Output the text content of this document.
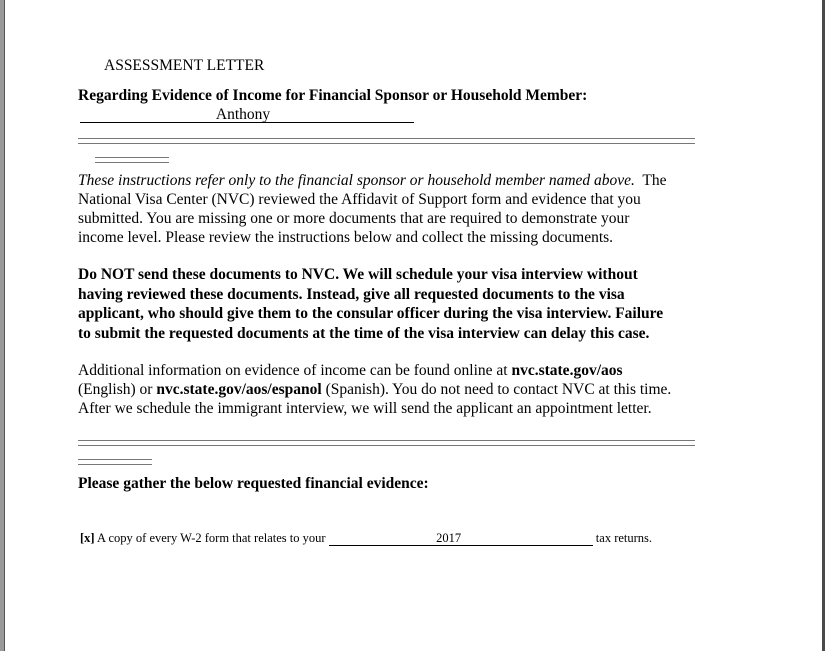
ASSESSMENT LETTER
Regarding Evidence of Income for Financial Sponsor or Household Member:
Anthony
These instructions refer only to the financial sponsor or household member named above. The
National Visa Center (NVC) reviewed the Affidavit of Support form and evidence that you
submitted. You are missing one or more documents that are required to demonstrate your
income level. Please review the instructions below and collect the missing documents.
Do NOT send these documents to NVC. We will schedule your visa interview without
having reviewed these documents. Instead, give all requested documents to the visa
applicant, who should give them to the consular officer during the visa interview. Failure
to submit the requested documents at the time of the visa interview can delay this case.
Additional information on evidence of income can be found online at nvc.state.gov/aos
(English) or nvc.state.gov/aos/espanol (Spanish). You do not need to contact NVC at this time.
After we schedule the immigrant interview, we will send the applicant an appointment letter.
Please gather the below requested financial evidence:
[x] A copy of every W-2 form that relates to your	2017	tax returns.
